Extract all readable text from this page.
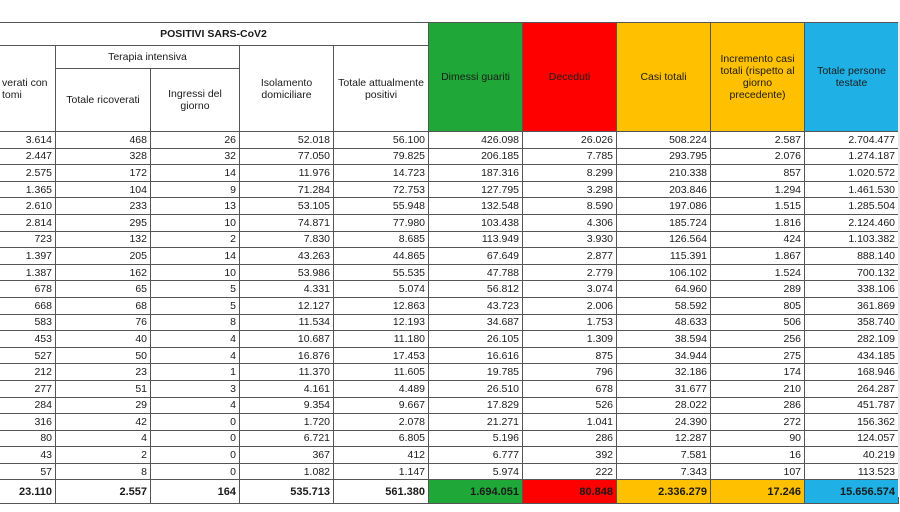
POSITIVI SARS-CoV2					Dimessi guariti	Deceduti	Casi totali	Incremento casi totali (rispetto al giorno precedente)	Totale persone testate
verati con tomi	Terapia intensiva		Isolamento domiciliare	Totale attualmente positivi					
	Totale ricoverati	Ingressi del giorno							
3.614	468	26	52.018	56.100	426.098	26.026	508.224	2.587	2.704.477
2.447	328	32	77.050	79.825	206.185	7.785	293.795	2.076	1.274.187
2.575	172	14	11.976	14.723	187.316	8.299	210.338	857	1.020.572
1.365	104	9	71.284	72.753	127.795	3.298	203.846	1.294	1.461.530
2.610	233	13	53.105	55.948	132.548	8.590	197.086	1.515	1.285.504
2.814	295	10	74.871	77.980	103.438	4.306	185.724	1.816	2.124.460
723	132	2	7.830	8.685	113.949	3.930	126.564	424	1.103.382
1.397	205	14	43.263	44.865	67.649	2.877	115.391	1.867	888.140
1.387	162	10	53.986	55.535	47.788	2.779	106.102	1.524	700.132
678	65	5	4.331	5.074	56.812	3.074	64.960	289	338.106
668	68	5	12.127	12.863	43.723	2.006	58.592	805	361.869
583	76	8	11.534	12.193	34.687	1.753	48.633	506	358.740
453	40	4	10.687	11.180	26.105	1.309	38.594	256	282.109
527	50	4	16.876	17.453	16.616	875	34.944	275	434.185
212	23	1	11.370	11.605	19.785	796	32.186	174	168.946
277	51	3	4.161	4.489	26.510	678	31.677	210	264.287
284	29	4	9.354	9.667	17.829	526	28.022	286	451.787
316	42	0	1.720	2.078	21.271	1.041	24.390	272	156.362
80	4	0	6.721	6.805	5.196	286	12.287	90	124.057
43	2	0	367	412	6.777	392	7.581	16	40.219
57	8	0	1.082	1.147	5.974	222	7.343	107	113.523
23.110	2.557	164	535.713	561.380	1.694.051	80.848	2.336.279	17.246	15.656.574
